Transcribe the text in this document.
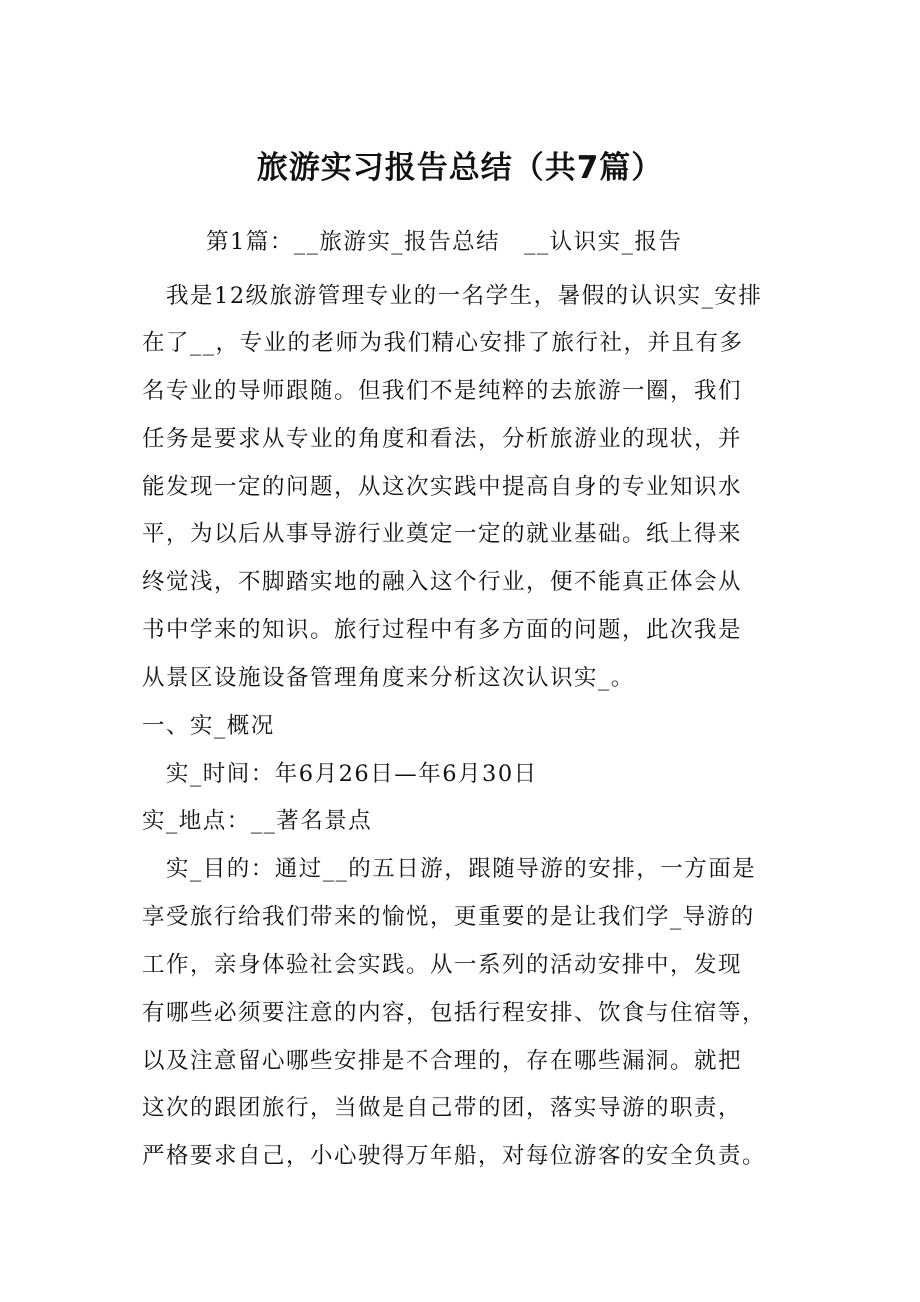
旅游实习报告总结（共7篇）
第1篇：__旅游实_报告总结　__认识实_报告
　我是12级旅游管理专业的一名学生，暑假的认识实_安排
在了__，专业的老师为我们精心安排了旅行社，并且有多
名专业的导师跟随。但我们不是纯粹的去旅游一圈，我们
任务是要求从专业的角度和看法，分析旅游业的现状，并
能发现一定的问题，从这次实践中提高自身的专业知识水
平，为以后从事导游行业奠定一定的就业基础。纸上得来
终觉浅，不脚踏实地的融入这个行业，便不能真正体会从
书中学来的知识。旅行过程中有多方面的问题，此次我是
从景区设施设备管理角度来分析这次认识实_。
一、实_概况
　实_时间：年6月26日—年6月30日
实_地点：__著名景点
　实_目的：通过__的五日游，跟随导游的安排，一方面是
享受旅行给我们带来的愉悦，更重要的是让我们学_导游的
工作，亲身体验社会实践。从一系列的活动安排中，发现
有哪些必须要注意的内容，包括行程安排、饮食与住宿等，
以及注意留心哪些安排是不合理的，存在哪些漏洞。就把
这次的跟团旅行，当做是自己带的团，落实导游的职责，
严格要求自己，小心驶得万年船，对每位游客的安全负责。
